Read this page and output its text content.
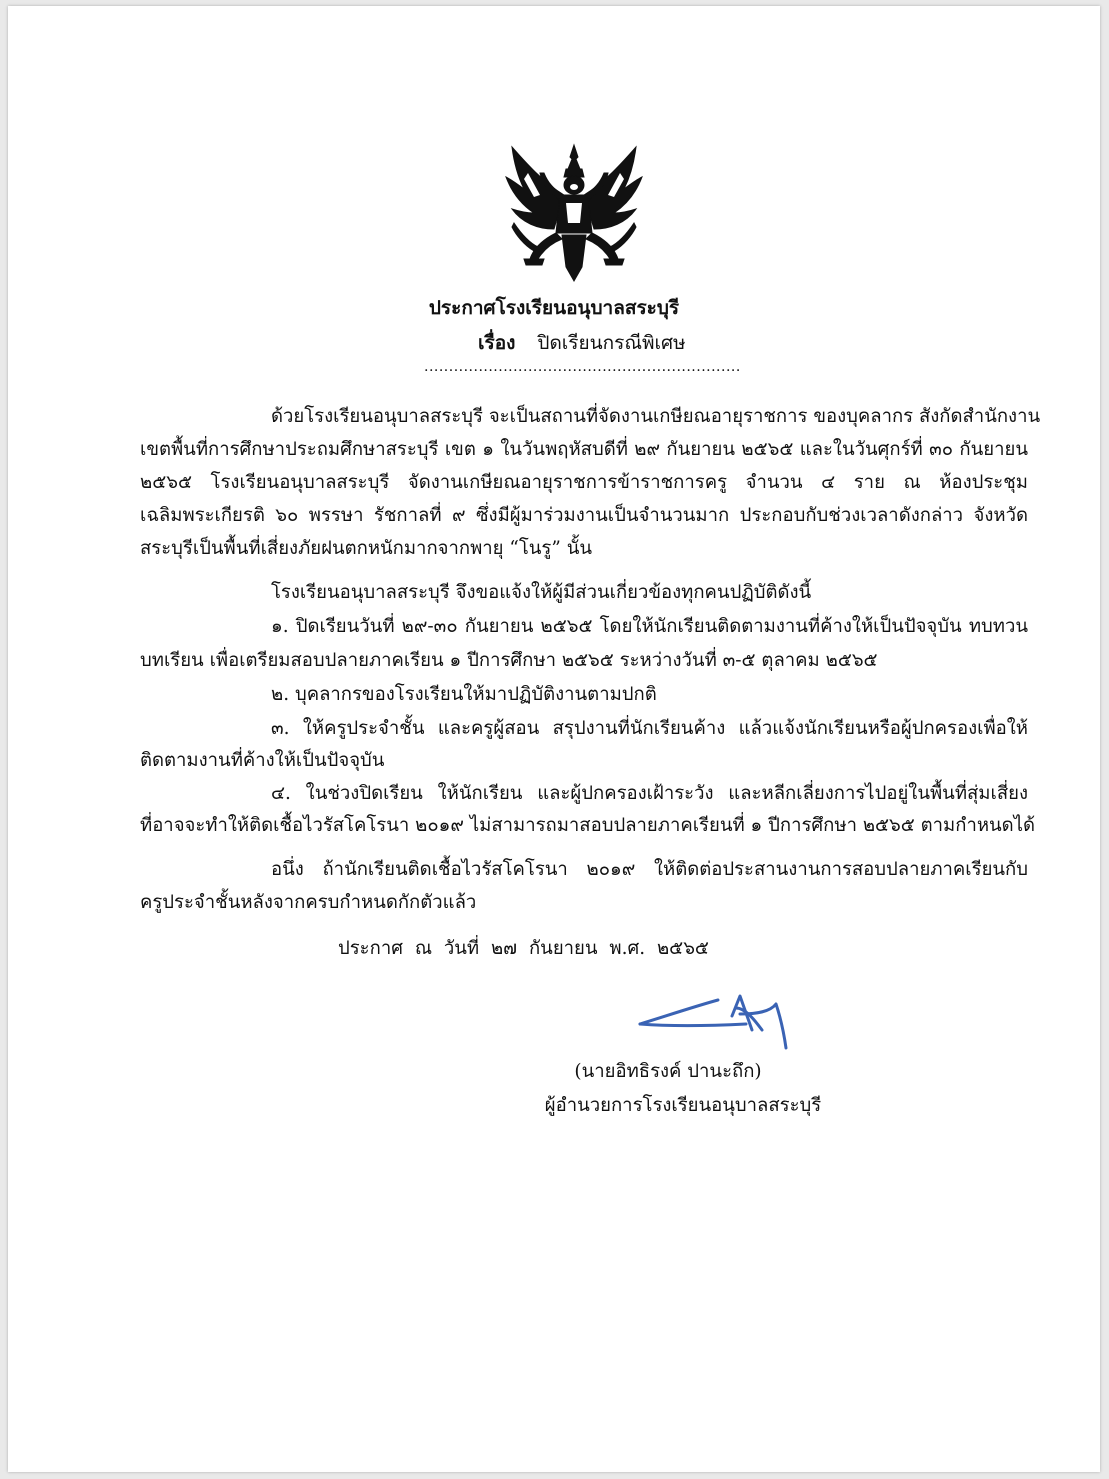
ประกาศโรงเรียนอนุบาลสระบุรี
เรื่อง ปิดเรียนกรณีพิเศษ
................................................................
ด้วยโรงเรียนอนุบาลสระบุรี จะเป็นสถานที่จัดงานเกษียณอายุราชการ ของบุคลากร สังกัดสำนักงาน
เขตพื้นที่การศึกษาประถมศึกษาสระบุรี เขต ๑ ในวันพฤหัสบดีที่ ๒๙ กันยายน ๒๕๖๕ และในวันศุกร์ที่ ๓๐ กันยายน
๒๕๖๕ โรงเรียนอนุบาลสระบุรี จัดงานเกษียณอายุราชการข้าราชการครู จำนวน ๔ ราย ณ ห้องประชุม
เฉลิมพระเกียรติ ๖๐ พรรษา รัชกาลที่ ๙ ซึ่งมีผู้มาร่วมงานเป็นจำนวนมาก ประกอบกับช่วงเวลาดังกล่าว จังหวัด
สระบุรีเป็นพื้นที่เสี่ยงภัยฝนตกหนักมากจากพายุ “โนรู” นั้น
โรงเรียนอนุบาลสระบุรี จึงขอแจ้งให้ผู้มีส่วนเกี่ยวข้องทุกคนปฏิบัติดังนี้
๑. ปิดเรียนวันที่ ๒๙-๓๐ กันยายน ๒๕๖๕ โดยให้นักเรียนติดตามงานที่ค้างให้เป็นปัจจุบัน ทบทวน
บทเรียน เพื่อเตรียมสอบปลายภาคเรียน ๑ ปีการศึกษา ๒๕๖๕ ระหว่างวันที่ ๓-๕ ตุลาคม ๒๕๖๕
๒. บุคลากรของโรงเรียนให้มาปฏิบัติงานตามปกติ
๓. ให้ครูประจำชั้น และครูผู้สอน สรุปงานที่นักเรียนค้าง แล้วแจ้งนักเรียนหรือผู้ปกครองเพื่อให้
ติดตามงานที่ค้างให้เป็นปัจจุบัน
๔. ในช่วงปิดเรียน ให้นักเรียน และผู้ปกครองเฝ้าระวัง และหลีกเลี่ยงการไปอยู่ในพื้นที่สุ่มเสี่ยง
ที่อาจจะทำให้ติดเชื้อไวรัสโคโรนา ๒๐๑๙ ไม่สามารถมาสอบปลายภาคเรียนที่ ๑ ปีการศึกษา ๒๕๖๕ ตามกำหนดได้
อนึ่ง ถ้านักเรียนติดเชื้อไวรัสโคโรนา ๒๐๑๙ ให้ติดต่อประสานงานการสอบปลายภาคเรียนกับ
ครูประจำชั้นหลังจากครบกำหนดกักตัวแล้ว
ประกาศ ณ วันที่ ๒๗ กันยายน พ.ศ. ๒๕๖๕
(นายอิทธิรงค์ ปานะถึก)
ผู้อำนวยการโรงเรียนอนุบาลสระบุรี
